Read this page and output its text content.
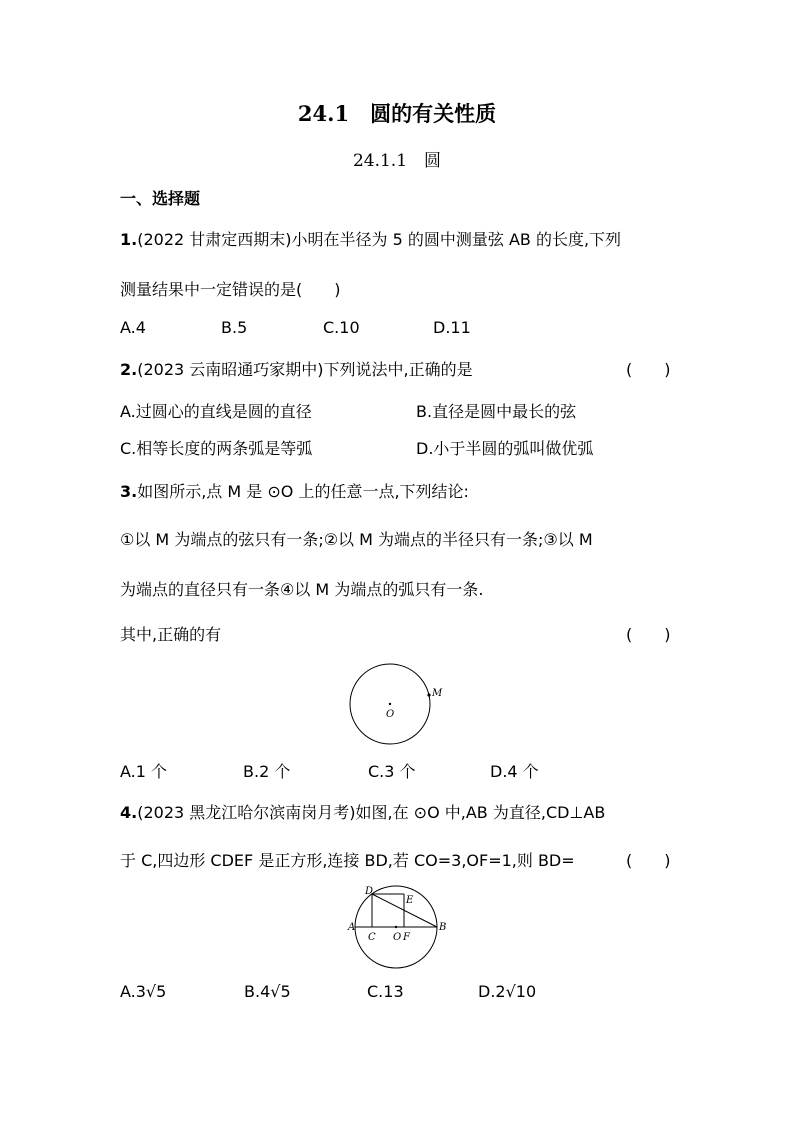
24.1　圆的有关性质
24.1.1　圆
一、选择题
1.(2022 甘肃定西期末)小明在半径为 5 的圆中测量弦 AB 的长度,下列
测量结果中一定错误的是(　　)
A.4	B.5	C.10	D.11
2.(2023 云南昭通巧家期中)下列说法中,正确的是	(　　)
A.过圆心的直线是圆的直径	B.直径是圆中最长的弦
C.相等长度的两条弧是等弧	D.小于半圆的弧叫做优弧
3.如图所示,点 M 是 ⊙O 上的任意一点,下列结论:
①以 M 为端点的弦只有一条;②以 M 为端点的半径只有一条;③以 M
为端点的直径只有一条④以 M 为端点的弧只有一条.
其中,正确的有	(　　)
O
M
A.1 个	B.2 个	C.3 个	D.4 个
4.(2023 黑龙江哈尔滨南岗月考)如图,在 ⊙O 中,AB 为直径,CD⊥AB
于 C,四边形 CDEF 是正方形,连接 BD,若 CO=3,OF=1,则 BD=	(　　)
A	B
C
D
E
F
O
A.3√5	B.4√5	C.13	D.2√10
